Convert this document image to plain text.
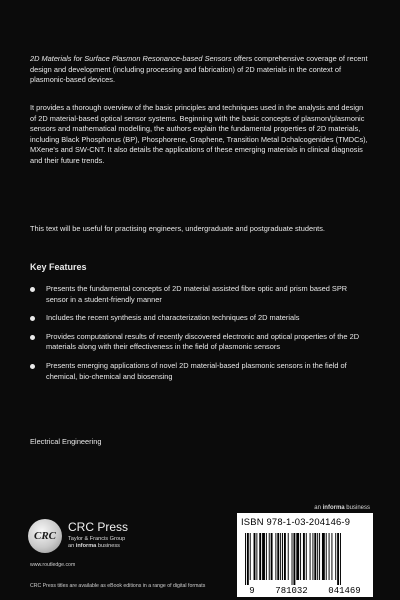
2D Materials for Surface Plasmon Resonance-based Sensors offers comprehensive coverage of recent design and development (including processing and fabrication) of 2D materials in the context of plasmonic-based devices.

It provides a thorough overview of the basic principles and techniques used in the analysis and design of 2D material-based optical sensor systems. Beginning with the basic concepts of plasmon/plasmonic sensors and mathematical modelling, the authors explain the fundamental properties of 2D materials, including Black Phosphorus (BP), Phosphorene, Graphene, Transition Metal Dchalcogenides (TMDCs), MXene's and SW-CNT. It also details the applications of these emerging materials in clinical diagnosis and their future trends.

This text will be useful for practising engineers, undergraduate and postgraduate students.

Key Features
Presents the fundamental concepts of 2D material assisted fibre optic and prism based SPR sensor in a student-friendly manner
Includes the recent synthesis and characterization techniques of 2D materials
Provides computational results of recently discovered electronic and optical properties of the 2D materials along with their effectiveness in the field of plasmonic sensors
Presents emerging applications of novel 2D material-based plasmonic sensors in the field of chemical, bio-chemical and biosensing

Electrical Engineering

an informa business
CRC
CRC Press
Taylor & Francis Group
an informa business
www.routledge.com
ISBN 978-1-03-204146-9
9 781032 041469
CRC Press titles are available as eBook editions in a range of digital formats
